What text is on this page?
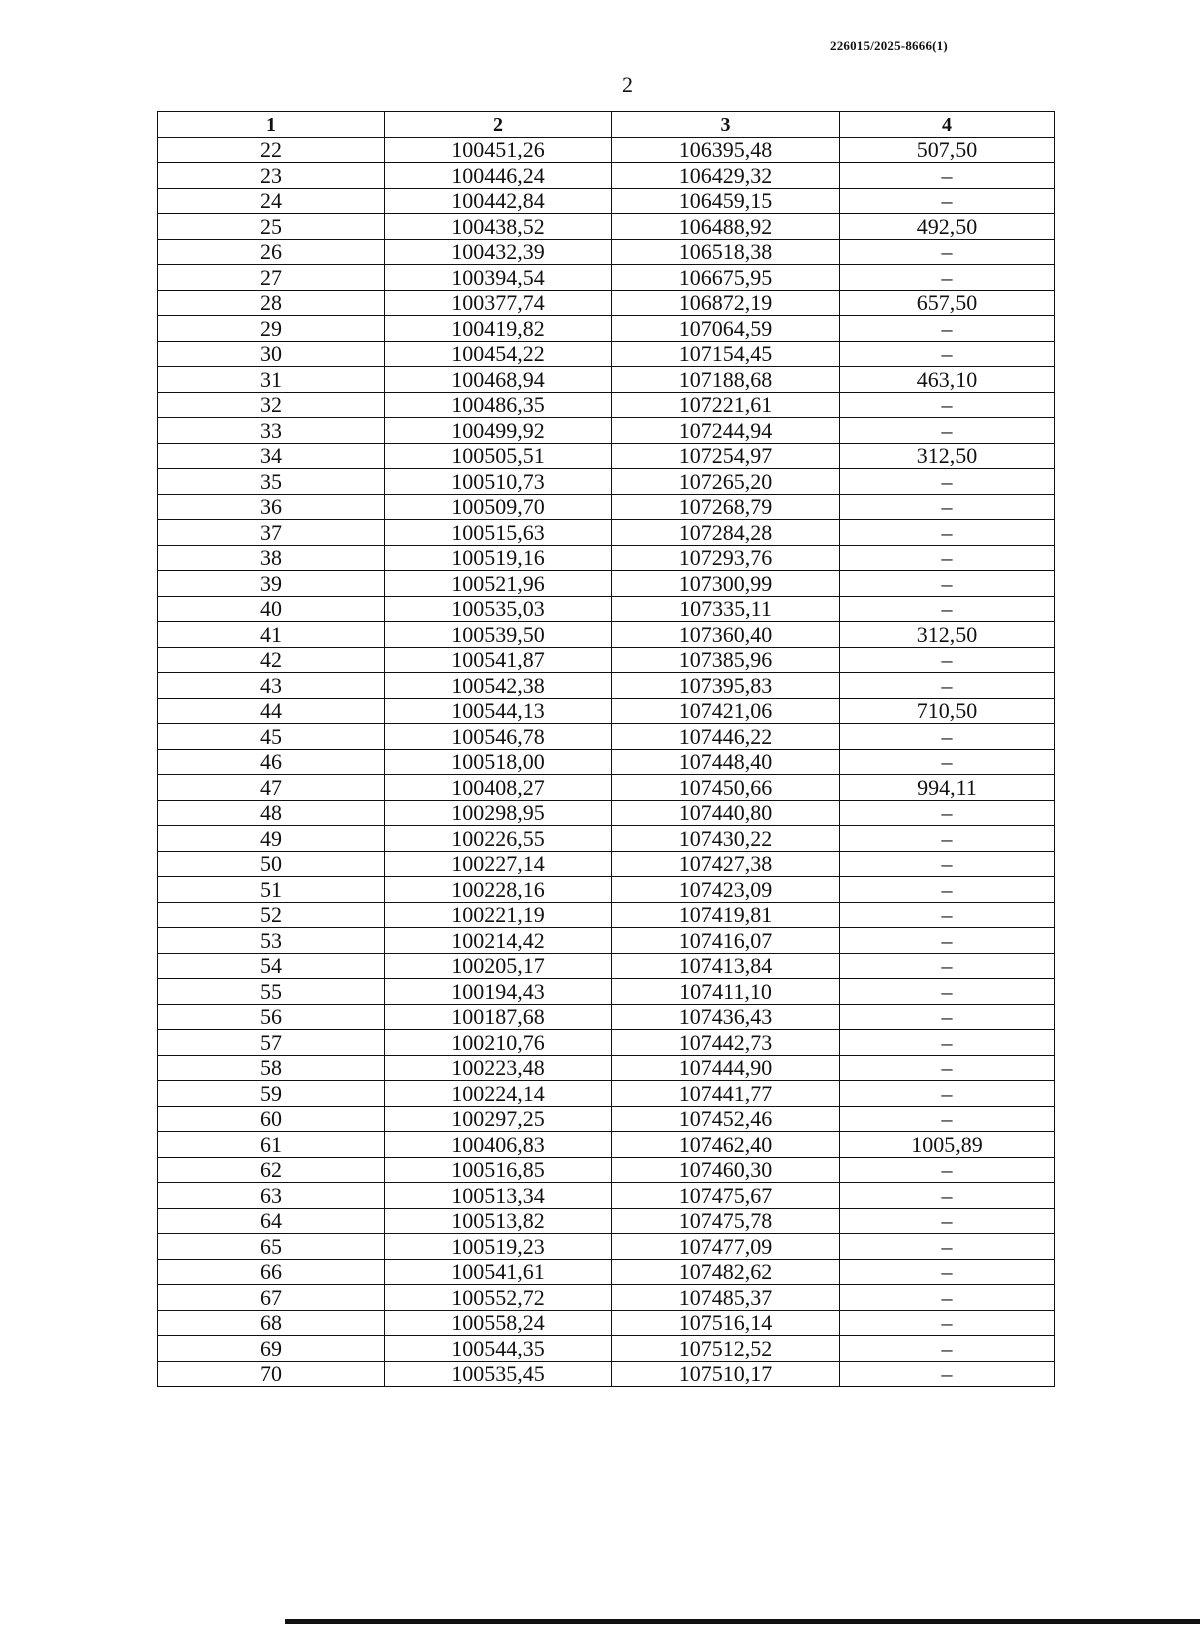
226015/2025-8666(1)
2
1	2	3	4
22	100451,26	106395,48	507,50
23	100446,24	106429,32	–
24	100442,84	106459,15	–
25	100438,52	106488,92	492,50
26	100432,39	106518,38	–
27	100394,54	106675,95	–
28	100377,74	106872,19	657,50
29	100419,82	107064,59	–
30	100454,22	107154,45	–
31	100468,94	107188,68	463,10
32	100486,35	107221,61	–
33	100499,92	107244,94	–
34	100505,51	107254,97	312,50
35	100510,73	107265,20	–
36	100509,70	107268,79	–
37	100515,63	107284,28	–
38	100519,16	107293,76	–
39	100521,96	107300,99	–
40	100535,03	107335,11	–
41	100539,50	107360,40	312,50
42	100541,87	107385,96	–
43	100542,38	107395,83	–
44	100544,13	107421,06	710,50
45	100546,78	107446,22	–
46	100518,00	107448,40	–
47	100408,27	107450,66	994,11
48	100298,95	107440,80	–
49	100226,55	107430,22	–
50	100227,14	107427,38	–
51	100228,16	107423,09	–
52	100221,19	107419,81	–
53	100214,42	107416,07	–
54	100205,17	107413,84	–
55	100194,43	107411,10	–
56	100187,68	107436,43	–
57	100210,76	107442,73	–
58	100223,48	107444,90	–
59	100224,14	107441,77	–
60	100297,25	107452,46	–
61	100406,83	107462,40	1005,89
62	100516,85	107460,30	–
63	100513,34	107475,67	–
64	100513,82	107475,78	–
65	100519,23	107477,09	–
66	100541,61	107482,62	–
67	100552,72	107485,37	–
68	100558,24	107516,14	–
69	100544,35	107512,52	–
70	100535,45	107510,17	–
